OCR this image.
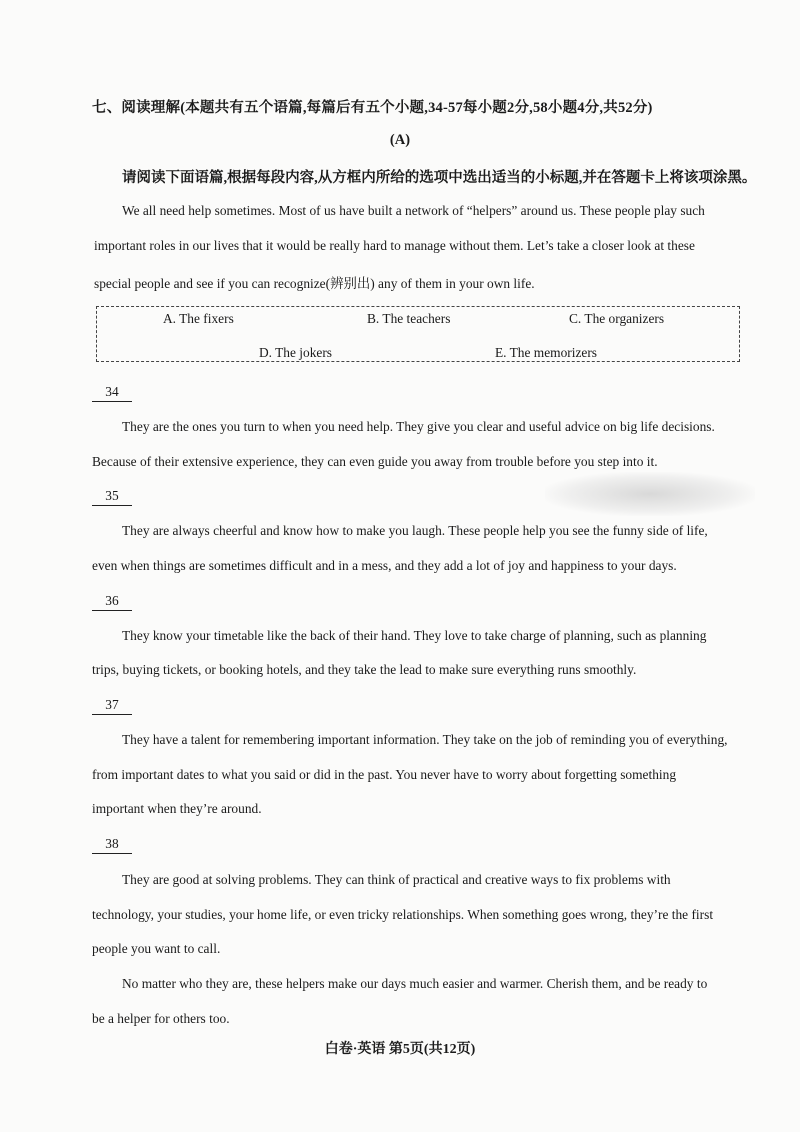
七、阅读理解(本题共有五个语篇,每篇后有五个小题,34-57每小题2分,58小题4分,共52分)
(A)
请阅读下面语篇,根据每段内容,从方框内所给的选项中选出适当的小标题,并在答题卡上将该项涂黑。
We all need help sometimes. Most of us have built a network of “helpers” around us. These people play such
important roles in our lives that it would be really hard to manage without them. Let’s take a closer look at these
special people and see if you can recognize(辨别出) any of them in your own life.
A. The fixers	B. The teachers	C. The organizers
D. The jokers	E. The memorizers
34
They are the ones you turn to when you need help. They give you clear and useful advice on big life decisions.
Because of their extensive experience, they can even guide you away from trouble before you step into it.
35
They are always cheerful and know how to make you laugh. These people help you see the funny side of life,
even when things are sometimes difficult and in a mess, and they add a lot of joy and happiness to your days.
36
They know your timetable like the back of their hand. They love to take charge of planning, such as planning
trips, buying tickets, or booking hotels, and they take the lead to make sure everything runs smoothly.
37
They have a talent for remembering important information. They take on the job of reminding you of everything,
from important dates to what you said or did in the past. You never have to worry about forgetting something
important when they’re around.
38
They are good at solving problems. They can think of practical and creative ways to fix problems with
technology, your studies, your home life, or even tricky relationships. When something goes wrong, they’re the first
people you want to call.
No matter who they are, these helpers make our days much easier and warmer. Cherish them, and be ready to
be a helper for others too.
白卷·英语 第5页(共12页)
